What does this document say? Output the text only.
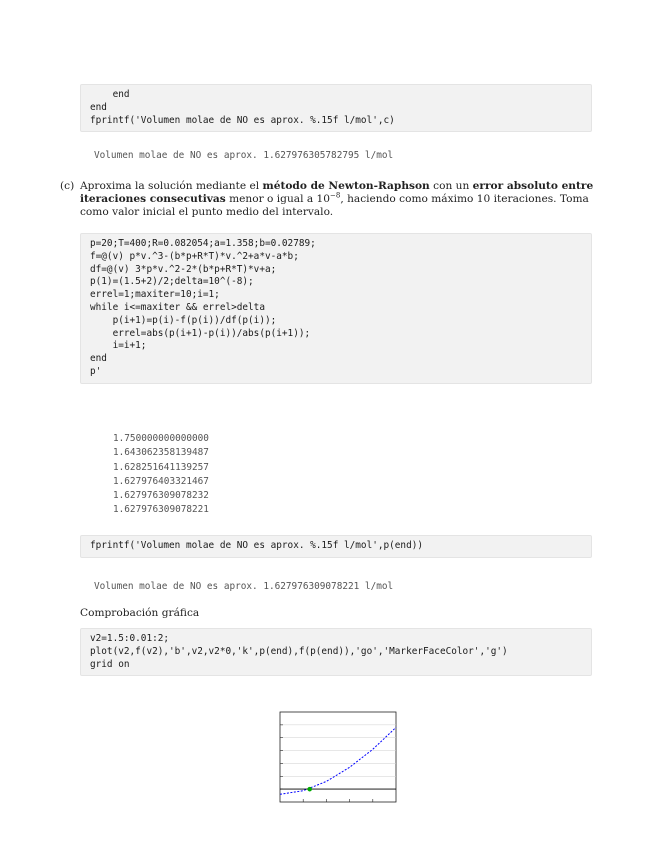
end
end
fprintf('Volumen molae de NO es aprox. %.15f l/mol',c)
Volumen molae de NO es aprox. 1.627976305782795 l/mol
(c) Aproxima la solución mediante el método de Newton-Raphson con un error absoluto entre iteraciones consecutivas menor o igual a $10^{-8}$, haciendo como máximo 10 iteraciones. Toma como valor inicial el punto medio del intervalo.
p=20;T=400;R=0.082054;a=1.358;b=0.02789;
f=@(v) p*v.^3-(b*p+R*T)*v.^2+a*v-a*b;
df=@(v) 3*p*v.^2-2*(b*p+R*T)*v+a;
p(1)=(1.5+2)/2;delta=10^(-8);
errel=1;maxiter=10;i=1;
while i<=maxiter && errel>delta
p(i+1)=p(i)-f(p(i))/df(p(i));
errel=abs(p(i+1)-p(i))/abs(p(i+1));
i=i+1;
end
p'
1.750000000000000
1.643062358139487
1.628251641139257
1.627976403321467
1.627976309078232
1.627976309078221
fprintf('Volumen molae de NO es aprox. %.15f l/mol',p(end))
Volumen molae de NO es aprox. 1.627976309078221 l/mol
Comprobación gráfica
v2=1.5:0.01:2;
plot(v2,f(v2),'b',v2,v2*0,'k',p(end),f(p(end)),'go','MarkerFaceColor','g')
grid on
